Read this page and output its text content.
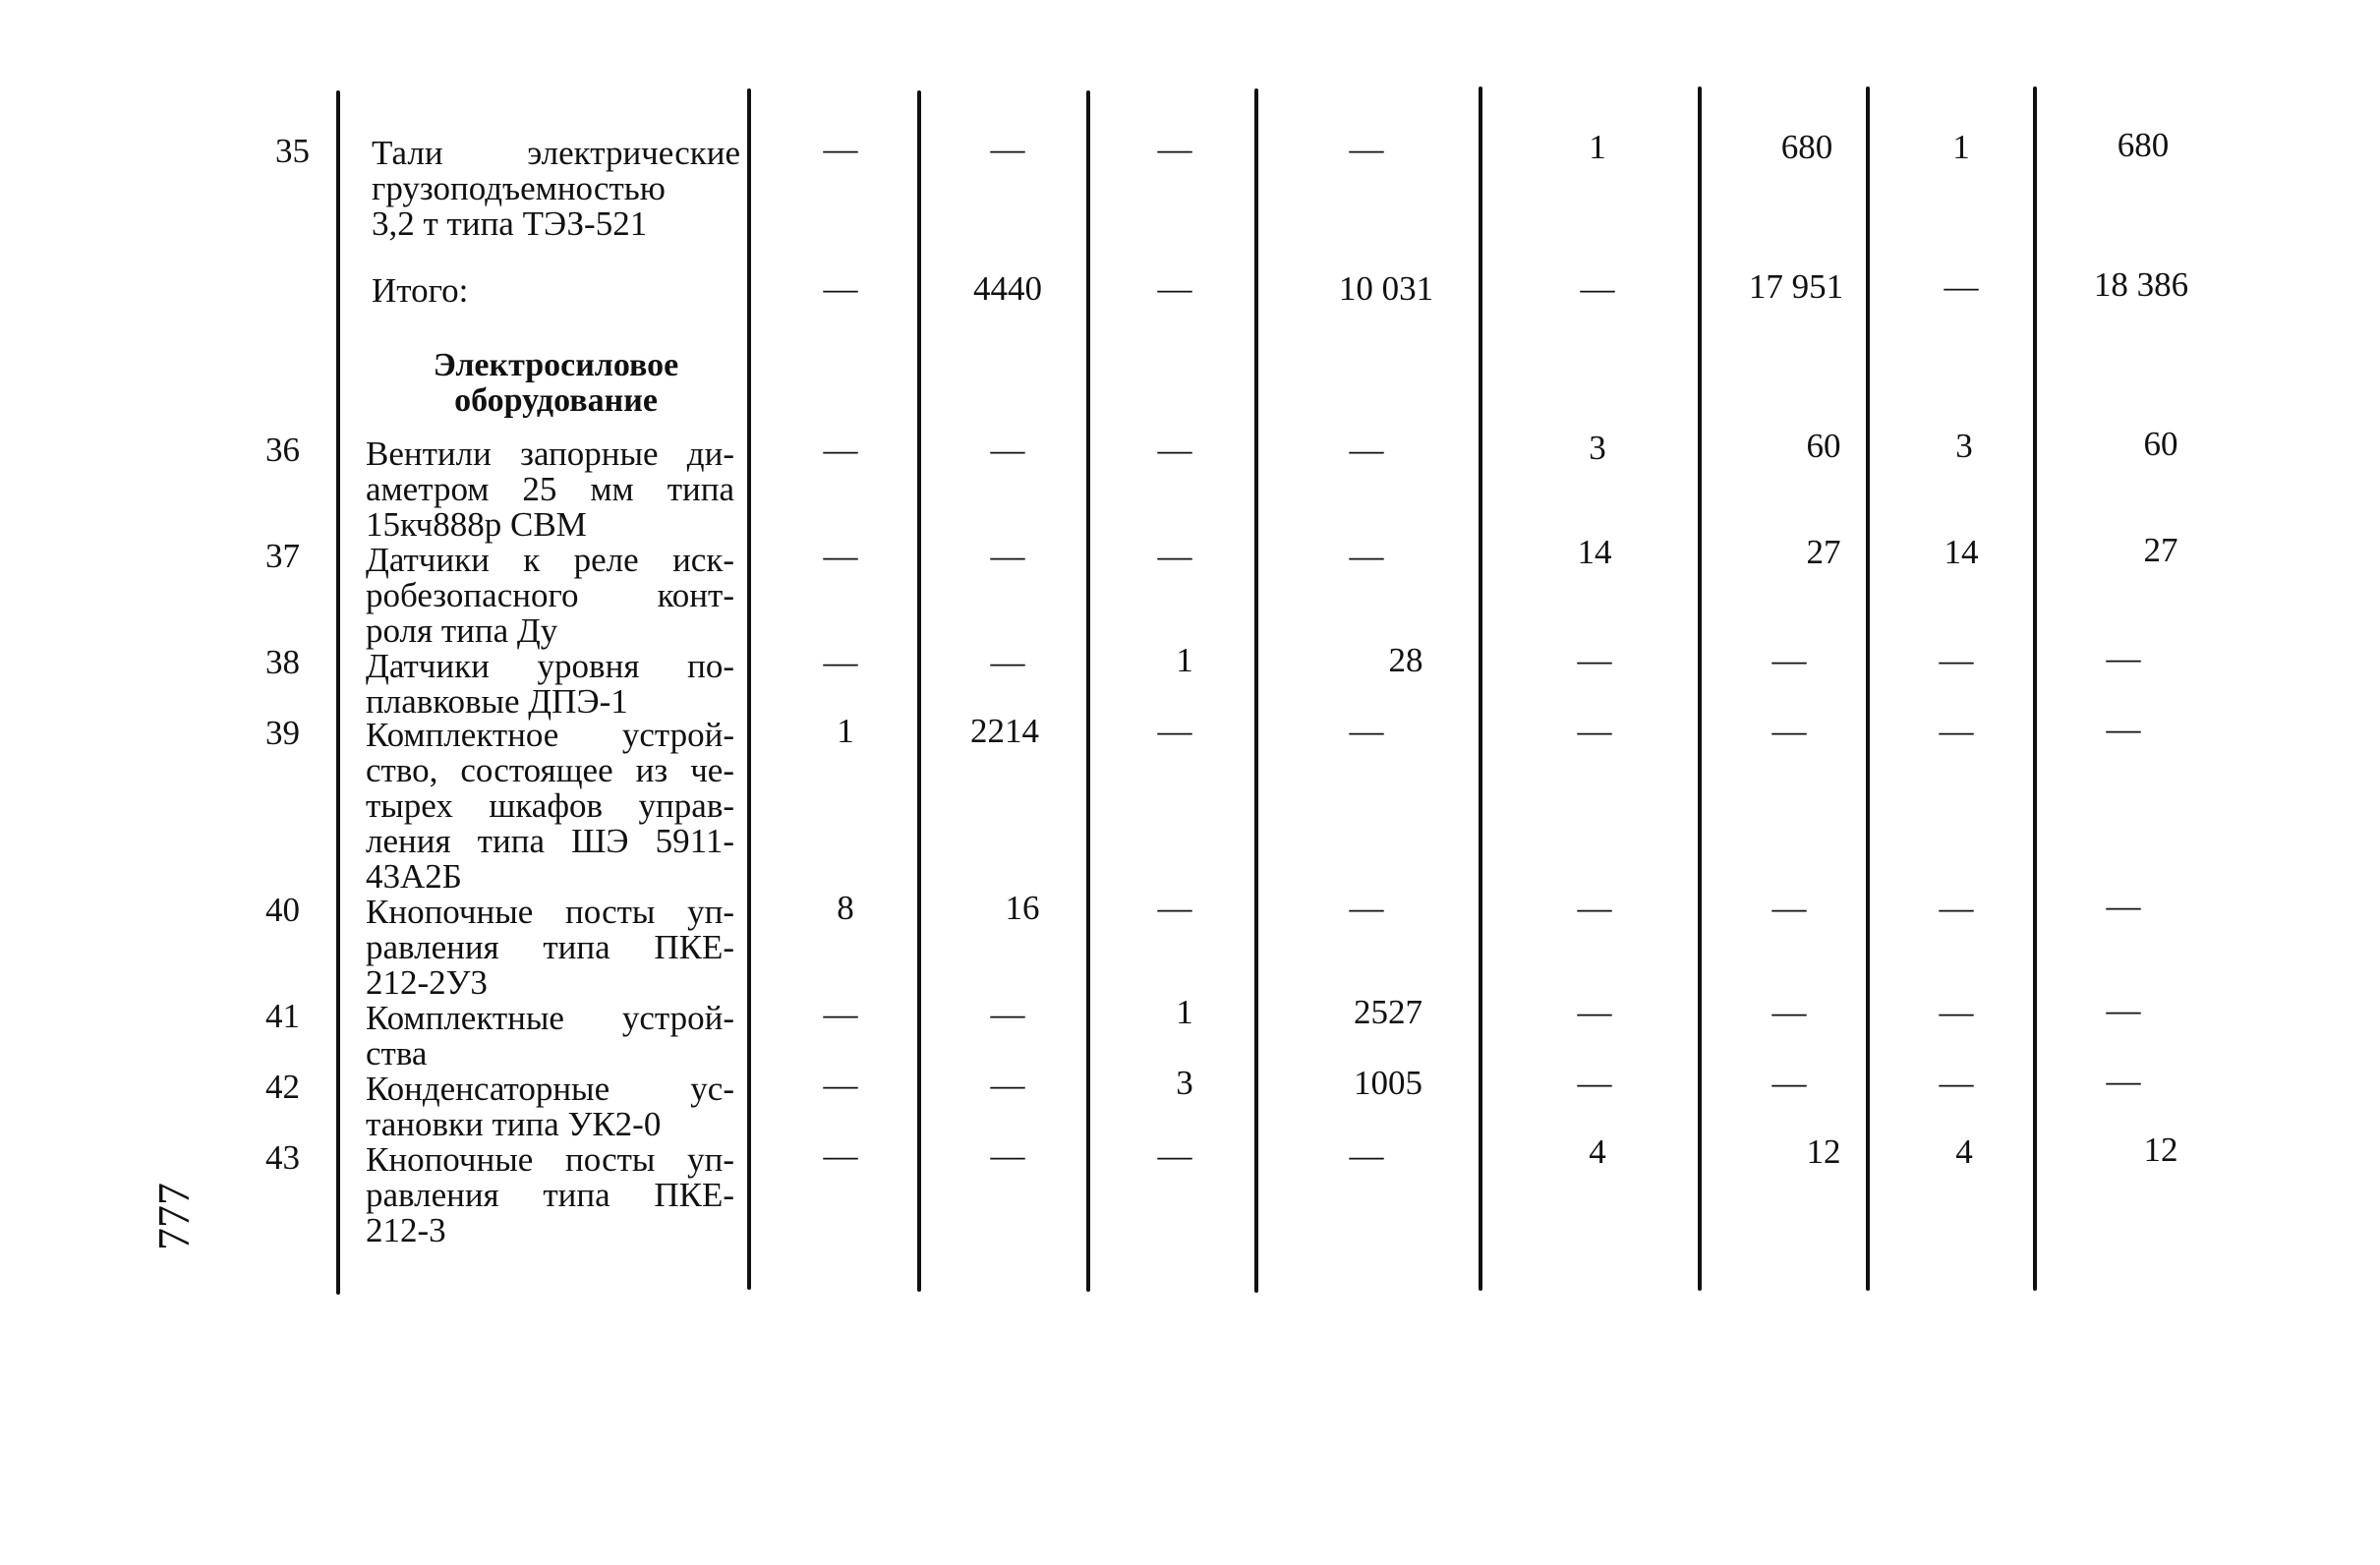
35 Тали электрические
грузоподъемностью
3,2 т типа ТЭЗ-521
—	—	—	—	1	680	1	680
Итого:	—	4440	—	10 031	—	17 951	—	18 386
Электросиловое
оборудование
36 Вентили запорные ди-
аметром 25 мм типа
15кч888р СВМ
—	—	—	—	3	60	3	60
37 Датчики к реле иск-
робезопасного конт-
роля типа Ду
—	—	—	—	14	27	14	27
38 Датчики уровня по-
плавковые ДПЭ-1
—	—	1	28	—	—	—	—
39 Комплектное устрой-
ство, состоящее из че-
тырех шкафов управ-
ления типа ШЭ 5911-
43А2Б
1	2214	—	—	—	—	—	—
40 Кнопочные посты уп-
равления типа ПКЕ-
212-2У3
8	16	—	—	—	—	—	—
41 Комплектные устрой-
ства
—	—	1	2527	—	—	—	—
42 Конденсаторные ус-
тановки типа УК2-0
—	—	3	1005	—	—	—	—
43 Кнопочные посты уп-
равления типа ПКЕ-
212-3
—	—	—	—	4	12	4	12
777
